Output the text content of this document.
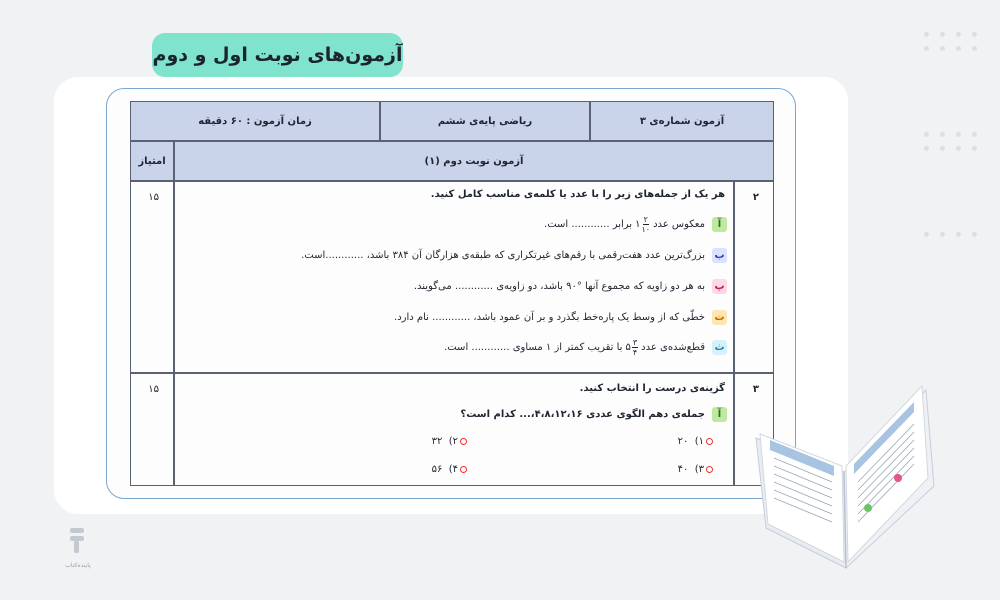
آزمون‌های نوبت اول و دوم
آزمون شماره‌ی ۳
ریاضی پایه‌ی ششم
زمان آزمون : ۶۰ دقیقه
آزمون نوبت دوم (۱)
امتیاز
۲
هر یک از جمله‌های زیر را با عدد یا کلمه‌ی مناسب کامل کنید.
آ
معکوس عدد
۱ ۲
۱۰
برابر ............ است.
ب
بزرگ‌ترین عدد هفت‌رقمی با رقم‌های غیرتکراری که طبقه‌ی هزارگان آن ۳۸۴ باشد، ............است.
پ
به هر دو زاویه که مجموع آنها °۹۰ باشد، دو زاویه‌ی ............ می‌گویند.
ت
خطّی که از وسط یک پاره‌خط بگذرد و بر آن عمود باشد، ............ نام دارد.
ث
قطع‌شده‌ی عدد
۵ ۳
۴
با تقریب کمتر از ۱ مساوی ............ است.
۱۵
۳
گزینه‌ی درست را انتخاب کنید.
آ
جمله‌ی دهم الگوی عددی ۴،۸،۱۲،۱۶،... کدام است؟
۱)  ۲۰
۲)  ۳۲
۳)  ۴۰
۴)  ۵۶
۱۵
پاینده‌کتاب
